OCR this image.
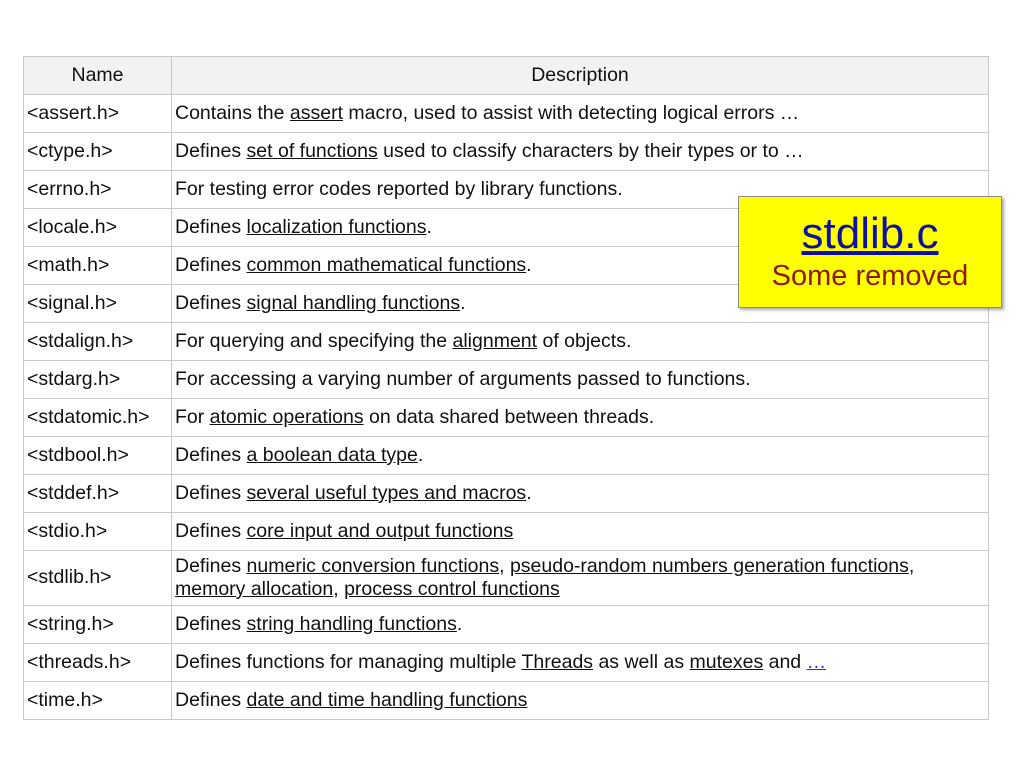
Name	Description
<assert.h>	Contains the assert macro, used to assist with detecting logical errors …
<ctype.h>	Defines set of functions used to classify characters by their types or to …
<errno.h>	For testing error codes reported by library functions.
<locale.h>	Defines localization functions.
<math.h>	Defines common mathematical functions.
<signal.h>	Defines signal handling functions.
<stdalign.h>	For querying and specifying the alignment of objects.
<stdarg.h>	For accessing a varying number of arguments passed to functions.
<stdatomic.h>	For atomic operations on data shared between threads.
<stdbool.h>	Defines a boolean data type.
<stddef.h>	Defines several useful types and macros.
<stdio.h>	Defines core input and output functions
<stdlib.h>	Defines numeric conversion functions, pseudo-random numbers generation functions, memory allocation, process control functions
<string.h>	Defines string handling functions.
<threads.h>	Defines functions for managing multiple Threads as well as mutexes and …
<time.h>	Defines date and time handling functions
stdlib.c
Some removed
